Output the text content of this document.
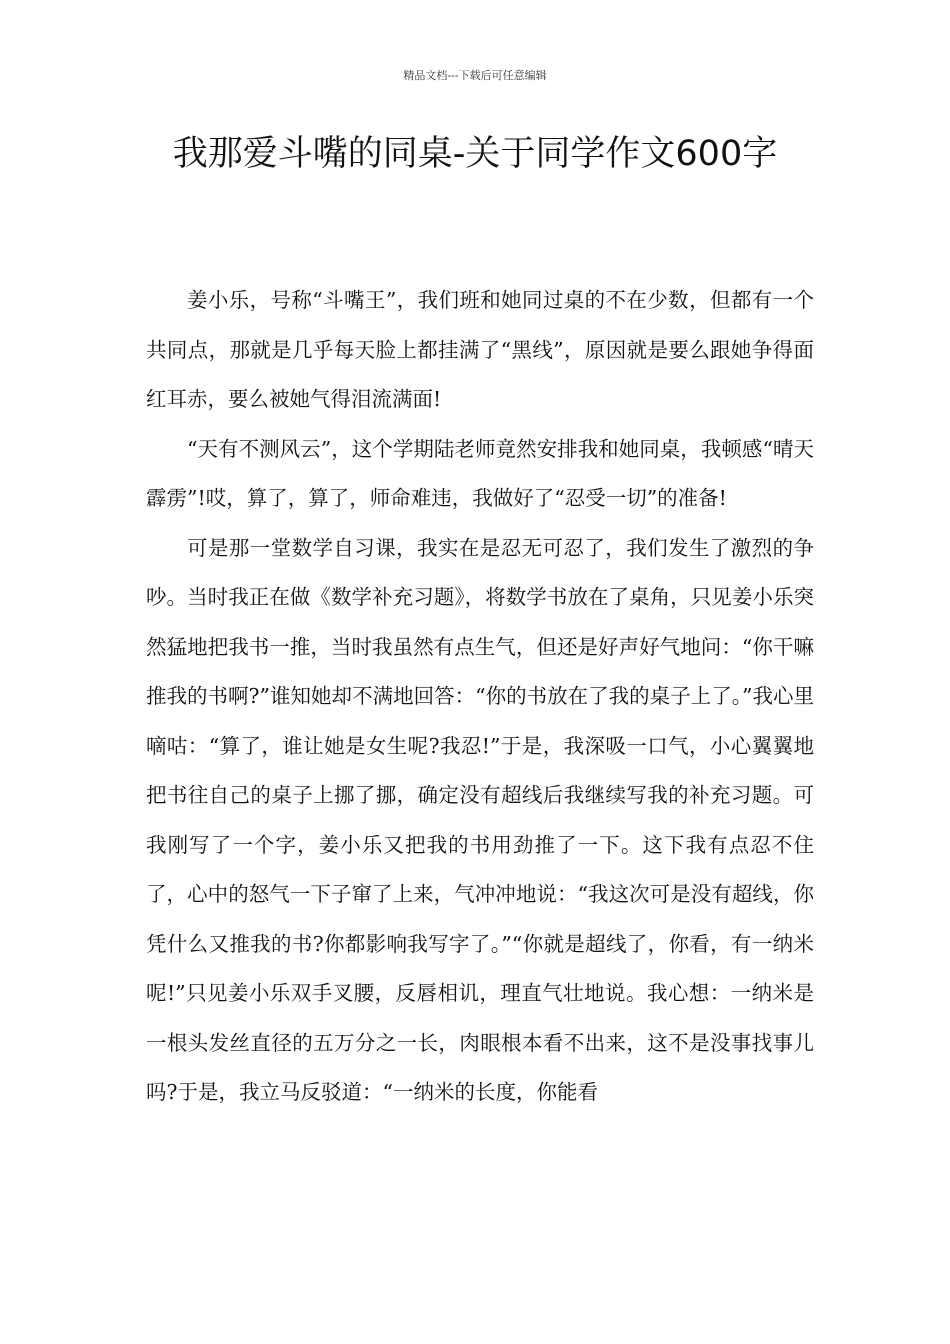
精品文档---下载后可任意编辑
我那爱斗嘴的同桌-关于同学作文600字

姜小乐，号称“斗嘴王”，我们班和她同过桌的不在少数，但都有一个共同点，那就是几乎每天脸上都挂满了“黑线”，原因就是要么跟她争得面红耳赤，要么被她气得泪流满面!

“天有不测风云”，这个学期陆老师竟然安排我和她同桌，我顿感“晴天霹雳”!哎，算了，算了，师命难违，我做好了“忍受一切”的准备!

可是那一堂数学自习课，我实在是忍无可忍了，我们发生了激烈的争吵。当时我正在做《数学补充习题》，将数学书放在了桌角，只见姜小乐突然猛地把我书一推，当时我虽然有点生气，但还是好声好气地问：“你干嘛推我的书啊?”谁知她却不满地回答：“你的书放在了我的桌子上了。”我心里嘀咕：“算了，谁让她是女生呢?我忍!”于是，我深吸一口气，小心翼翼地把书往自己的桌子上挪了挪，确定没有超线后我继续写我的补充习题。可我刚写了一个字，姜小乐又把我的书用劲推了一下。这下我有点忍不住了，心中的怒气一下子窜了上来，气冲冲地说：“我这次可是没有超线，你凭什么又推我的书?你都影响我写字了。”“你就是超线了，你看，有一纳米呢!”只见姜小乐双手叉腰，反唇相讥，理直气壮地说。我心想：一纳米是一根头发丝直径的五万分之一长，肉眼根本看不出来，这不是没事找事儿吗?于是，我立马反驳道：“一纳米的长度，你能看
